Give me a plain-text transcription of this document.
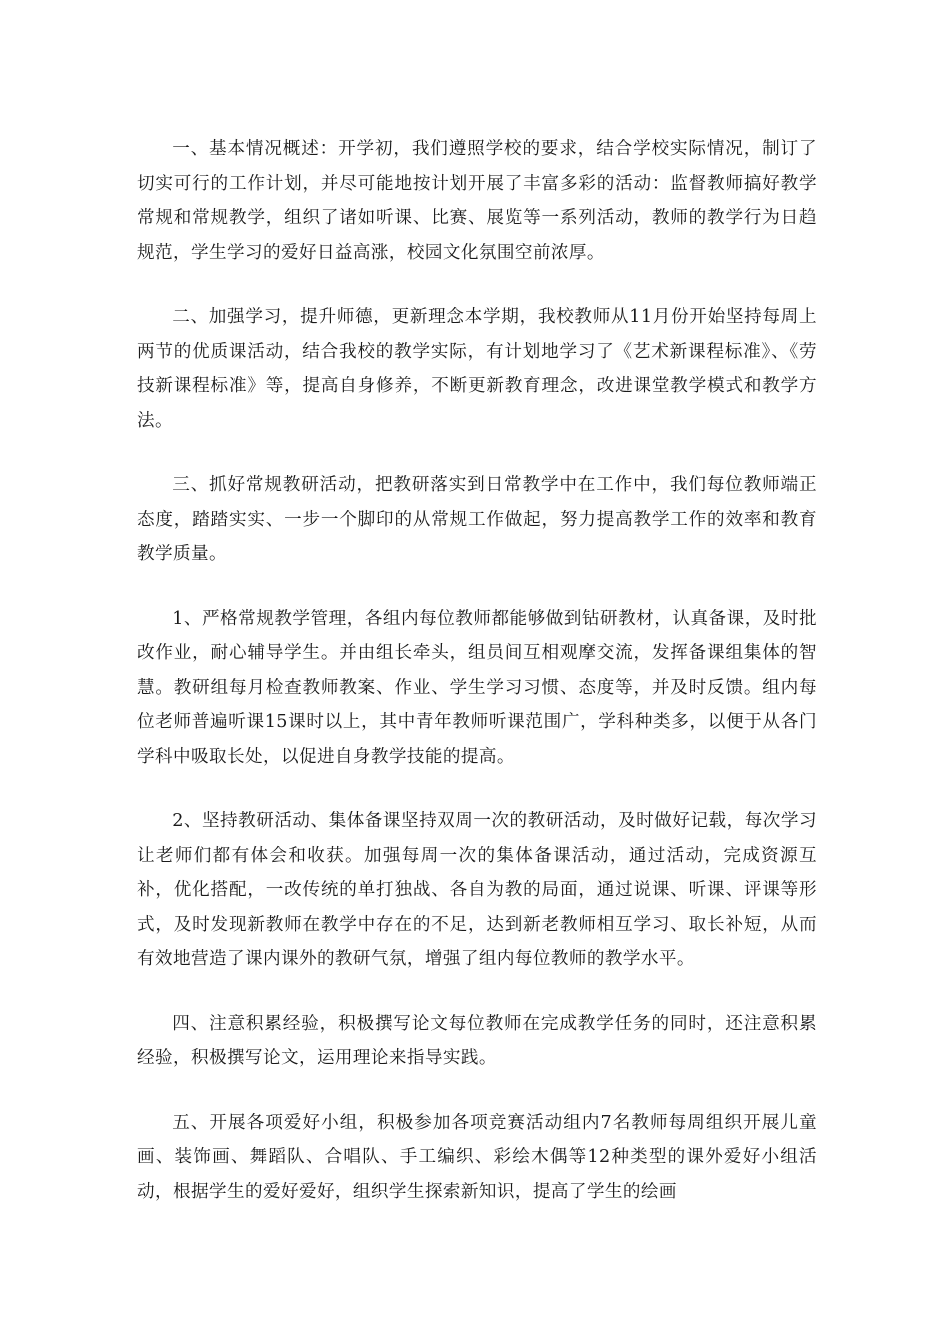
一、基本情况概述：开学初，我们遵照学校的要求，结合学校实际情况，制订了切实可行的工作计划，并尽可能地按计划开展了丰富多彩的活动：监督教师搞好教学常规和常规教学，组织了诸如听课、比赛、展览等一系列活动，教师的教学行为日趋规范，学生学习的爱好日益高涨，校园文化氛围空前浓厚。

二、加强学习，提升师德，更新理念本学期，我校教师从11月份开始坚持每周上两节的优质课活动，结合我校的教学实际，有计划地学习了《艺术新课程标准》、《劳技新课程标准》等，提高自身修养，不断更新教育理念，改进课堂教学模式和教学方法。

三、抓好常规教研活动，把教研落实到日常教学中在工作中，我们每位教师端正态度，踏踏实实、一步一个脚印的从常规工作做起，努力提高教学工作的效率和教育教学质量。

1、严格常规教学管理，各组内每位教师都能够做到钻研教材，认真备课，及时批改作业，耐心辅导学生。并由组长牵头，组员间互相观摩交流，发挥备课组集体的智慧。教研组每月检查教师教案、作业、学生学习习惯、态度等，并及时反馈。组内每位老师普遍听课15课时以上，其中青年教师听课范围广，学科种类多，以便于从各门学科中吸取长处，以促进自身教学技能的提高。

2、坚持教研活动、集体备课坚持双周一次的教研活动，及时做好记载，每次学习让老师们都有体会和收获。加强每周一次的集体备课活动，通过活动，完成资源互补，优化搭配，一改传统的单打独战、各自为教的局面，通过说课、听课、评课等形式，及时发现新教师在教学中存在的不足，达到新老教师相互学习、取长补短，从而有效地营造了课内课外的教研气氛，增强了组内每位教师的教学水平。

四、注意积累经验，积极撰写论文每位教师在完成教学任务的同时，还注意积累经验，积极撰写论文，运用理论来指导实践。

五、开展各项爱好小组，积极参加各项竞赛活动组内7名教师每周组织开展儿童画、装饰画、舞蹈队、合唱队、手工编织、彩绘木偶等12种类型的课外爱好小组活动，根据学生的爱好爱好，组织学生探索新知识，提高了学生的绘画
